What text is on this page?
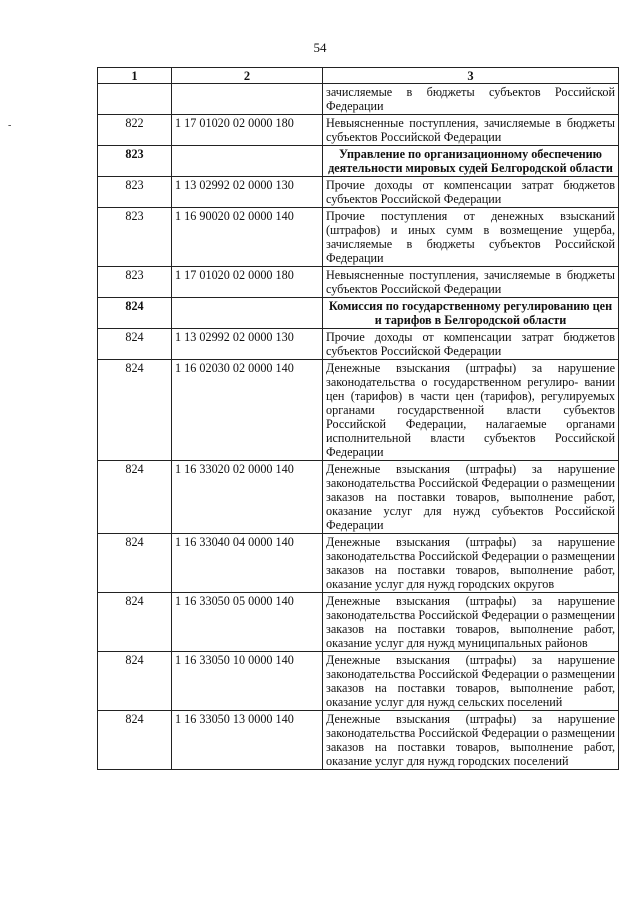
54
-
1	2	3
		зачисляемые в бюджеты субъектов Российской Федерации
822	1 17 01020 02 0000 180	Невыясненные поступления, зачисляемые в бюджеты субъектов Российской Федерации
823		Управление по организационному обеспечению деятельности мировых судей Белгородской области
823	1 13 02992 02 0000 130	Прочие доходы от компенсации затрат бюджетов субъектов Российской Федерации
823	1 16 90020 02 0000 140	Прочие поступления от денежных взысканий (штрафов) и иных сумм в возмещение ущерба, зачисляемые в бюджеты субъектов Российской Федерации
823	1 17 01020 02 0000 180	Невыясненные поступления, зачисляемые в бюджеты субъектов Российской Федерации
824		Комиссия по государственному регулированию цен и тарифов в Белгородской области
824	1 13 02992 02 0000 130	Прочие доходы от компенсации затрат бюджетов субъектов Российской Федерации
824	1 16 02030 02 0000 140	Денежные взыскания (штрафы) за нарушение законодательства о государственном регулиро- вании цен (тарифов) в части цен (тарифов), регулируемых органами государственной власти субъектов Российской Федерации, налагаемые органами исполнительной власти субъектов Российской Федерации
824	1 16 33020 02 0000 140	Денежные взыскания (штрафы) за нарушение законодательства Российской Федерации о размещении заказов на поставки товаров, выполнение работ, оказание услуг для нужд субъектов Российской Федерации
824	1 16 33040 04 0000 140	Денежные взыскания (штрафы) за нарушение законодательства Российской Федерации о размещении заказов на поставки товаров, выполнение работ, оказание услуг для нужд городских округов
824	1 16 33050 05 0000 140	Денежные взыскания (штрафы) за нарушение законодательства Российской Федерации о размещении заказов на поставки товаров, выполнение работ, оказание услуг для нужд муниципальных районов
824	1 16 33050 10 0000 140	Денежные взыскания (штрафы) за нарушение законодательства Российской Федерации о размещении заказов на поставки товаров, выполнение работ, оказание услуг для нужд сельских поселений
824	1 16 33050 13 0000 140	Денежные взыскания (штрафы) за нарушение законодательства Российской Федерации о размещении заказов на поставки товаров, выполнение работ, оказание услуг для нужд городских поселений
